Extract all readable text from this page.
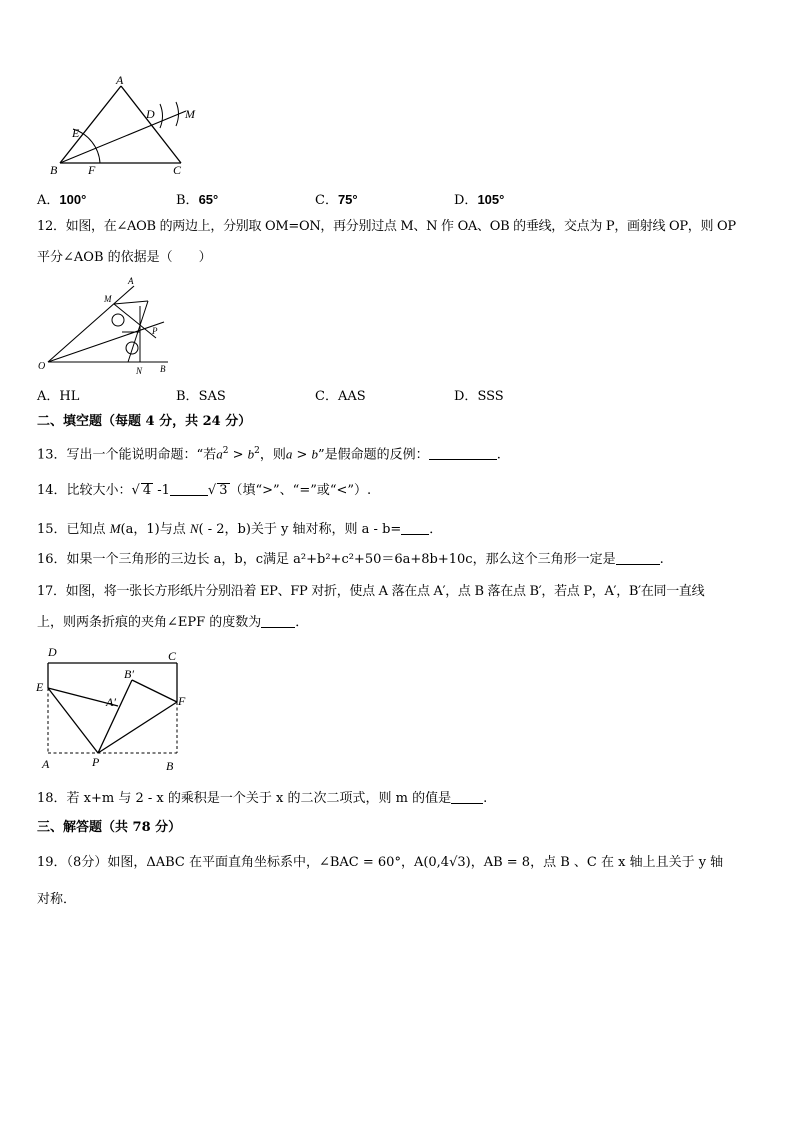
A
B	C
D
E
F
M
A．100°	B．65°	C．75°	D．105°
12．如图，在∠AOB 的两边上，分别取 OM=ON，再分别过点 M、N 作 OA、OB 的垂线，交点为 P，画射线 OP，则 OP
平分∠AOB 的依据是（　　）
A
M
P
O	N B
A．HL	B．SAS	C．AAS	D．SSS
二、填空题（每题 4 分，共 24 分）
13．写出一个能说明命题：“若$a^2 > b^2$，则a > b”是假命题的反例：	.
14．比较大小：√ 4 -1	√ 3 （填“>”、“=”或“<”）.
15．已知点 M(a，1)与点 N( - 2，b)关于 y 轴对称，则 a - b= ．
16．如果一个三角形的三边长 a，b，c满足 a²+b²+c²+50＝6a+8b+10c，那么这个三角形一定是	.
17．如图，将一张长方形纸片分别沿着 EP、FP 对折，使点 A 落在点 A′，点 B 落在点 B′，若点 P，A′，B′在同一直线
上，则两条折痕的夹角∠EPF 的度数为	．
D	C
E
B′
A′	F
A	P	B
18．若 x+m 与 2 - x 的乘积是一个关于 x 的二次二项式，则 m 的值是 .
三、解答题（共 78 分）
19．（8分）如图，ΔABC 在平面直角坐标系中，∠BAC = 60°，A(0,4√3)，AB = 8，点 B 、C 在 x 轴上且关于 y 轴
对称．
